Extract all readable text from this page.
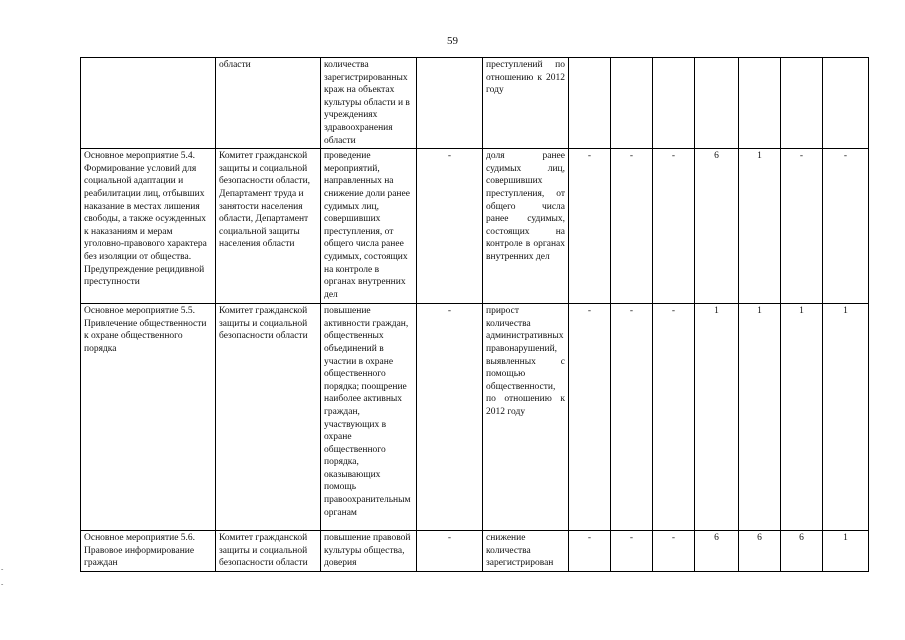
59
	области	количества зарегистрированных краж на объектах культуры области и в учреждениях здравоохранения области		преступлений по отношению к 2012 году							
Основное мероприятие 5.4. Формирование условий для социальной адаптации и реабилитации лиц, отбывших наказание в местах лишения свободы, а также осужденных к наказаниям и мерам уголовно-правового характера без изоляции от общества. Предупреждение рецидивной преступности	Комитет гражданской защиты и социальной безопасности области, Департамент труда и занятости населения области, Департамент социальной защиты населения области	проведение мероприятий, направленных на снижение доли ранее судимых лиц, совершивших преступления, от общего числа ранее судимых, состоящих на контроле в органах внутренних дел	-	доля ранее судимых лиц, совершивших преступления, от общего числа ранее судимых, состоящих на контроле в органах внутренних дел	-	-	-	6	1	-	-
Основное мероприятие 5.5. Привлечение общественности к охране общественного порядка	Комитет гражданской защиты и социальной безопасности области	повышение активности граждан, общественных объединений в участии в охране общественного порядка; поощрение наиболее активных граждан, участвующих в охране общественного порядка, оказывающих помощь правоохранительным органам	-	прирост количества административных правонарушений, выявленных с помощью общественности, по отношению к 2012 году	-	-	-	1	1	1	1
Основное мероприятие 5.6. Правовое информирование граждан	Комитет гражданской защиты и социальной безопасности области	повышение правовой культуры общества, доверия	-	снижение количества зарегистрирован	-	-	-	6	6	6	1
-
-
